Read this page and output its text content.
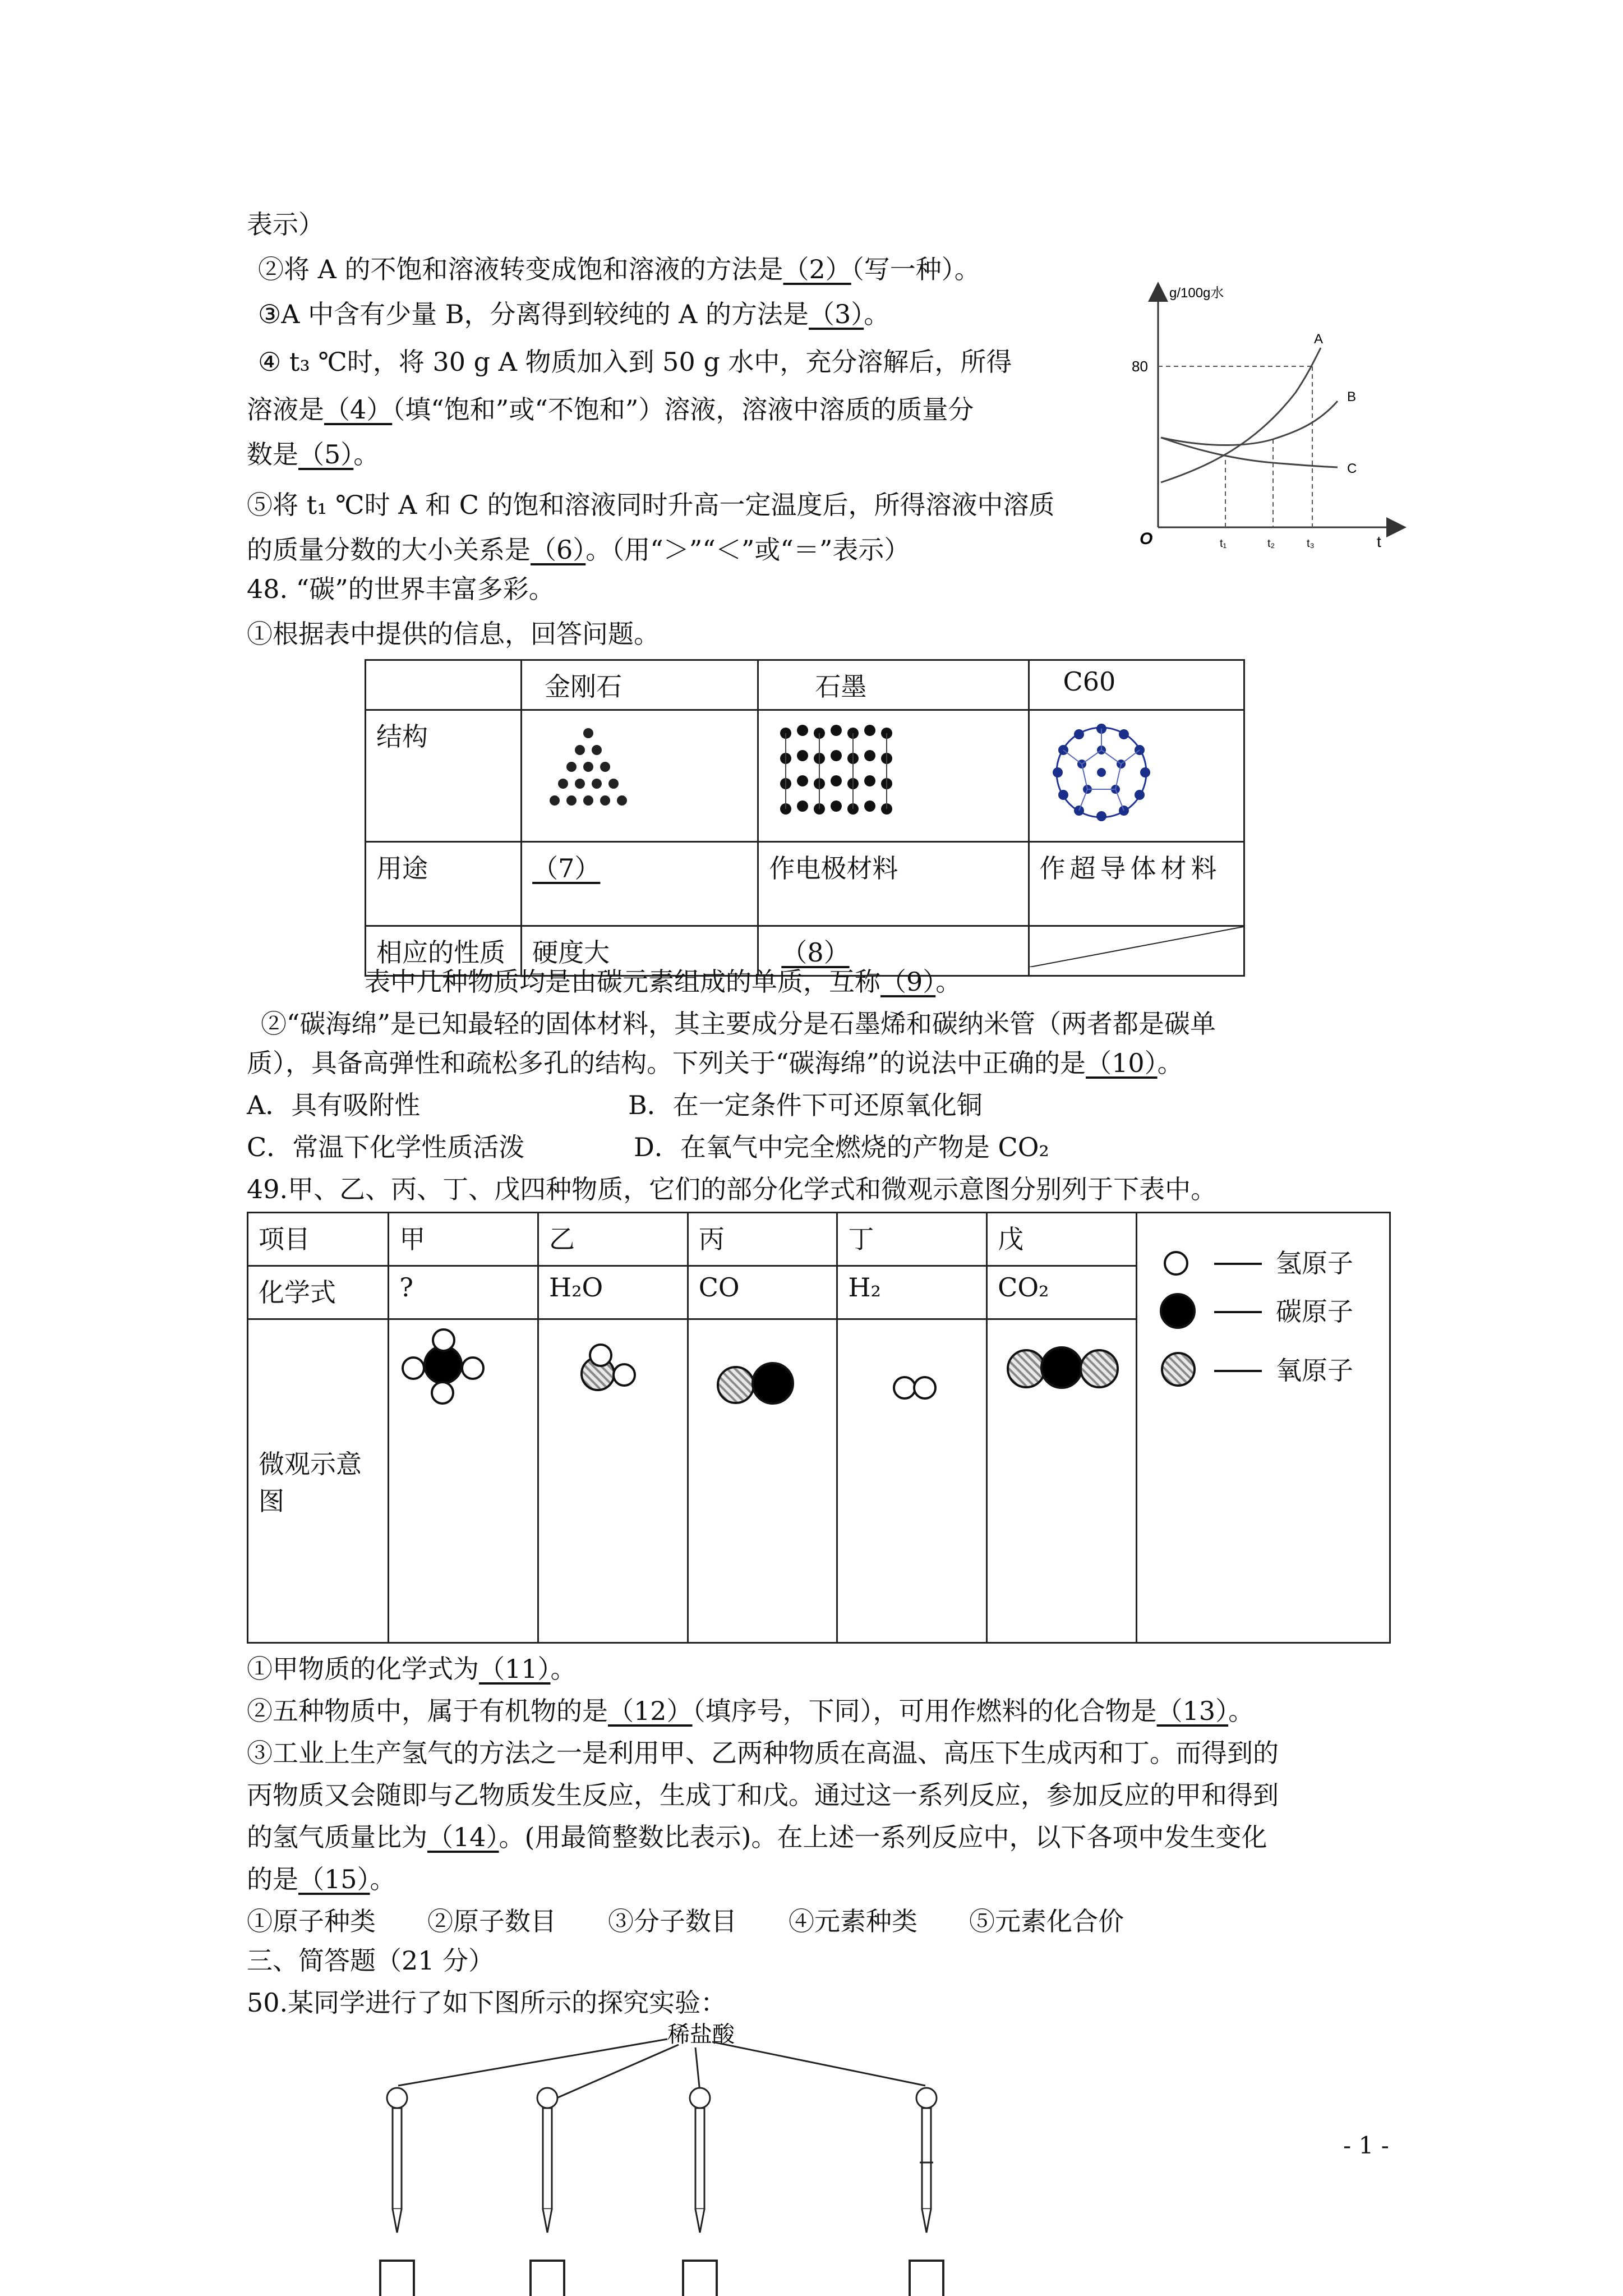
表示）
②将 A 的不饱和溶液转变成饱和溶液的方法是（2）（写一种）。
③A 中含有少量 B，分离得到较纯的 A 的方法是（3）。
④ t₃ ℃时，将 30 g A 物质加入到 50 g 水中，充分溶解后，所得
溶液是（4）（填“饱和”或“不饱和”）溶液，溶液中溶质的质量分
数是（5）。
⑤将 t₁ ℃时 A 和 C 的饱和溶液同时升高一定温度后，所得溶液中溶质
的质量分数的大小关系是（6）。（用“＞”“＜”或“＝”表示）
g/100g水
t
O
80
t₁	t₂	t₃
A
B
C
48. “碳”的世界丰富多彩。
①根据表中提供的信息，回答问题。
	金刚石	石墨	C60
结构			
用途	（7）	作电极材料	作超导体材料
相应的性质	硬度大	（8）	
表中几种物质均是由碳元素组成的单质，互称（9）。
②“碳海绵”是已知最轻的固体材料，其主要成分是石墨烯和碳纳米管（两者都是碳单
质），具备高弹性和疏松多孔的结构。下列关于“碳海绵”的说法中正确的是（10）。
A．具有吸附性	B．在一定条件下可还原氧化铜
C．常温下化学性质活泼	D．在氧气中完全燃烧的产物是 CO₂
49.甲、乙、丙、丁、戊四种物质，它们的部分化学式和微观示意图分别列于下表中。
项目	甲	乙	丙	丁	戊	
化学式	?	H₂O	CO	H₂	CO₂	
微观示意图						
氢原子
碳原子
氧原子
①甲物质的化学式为（11）。
②五种物质中，属于有机物的是（12）（填序号，下同），可用作燃料的化合物是（13）。
③工业上生产氢气的方法之一是利用甲、乙两种物质在高温、高压下生成丙和丁。而得到的
丙物质又会随即与乙物质发生反应，生成丁和戊。通过这一系列反应，参加反应的甲和得到
的氢气质量比为（14）。(用最简整数比表示)。在上述一系列反应中，以下各项中发生变化
的是（15）。
①原子种类　　②原子数目　　③分子数目　　④元素种类　　⑤元素化合价
三、简答题（21 分）
50.某同学进行了如下图所示的探究实验：
稀盐酸
- 1 -
